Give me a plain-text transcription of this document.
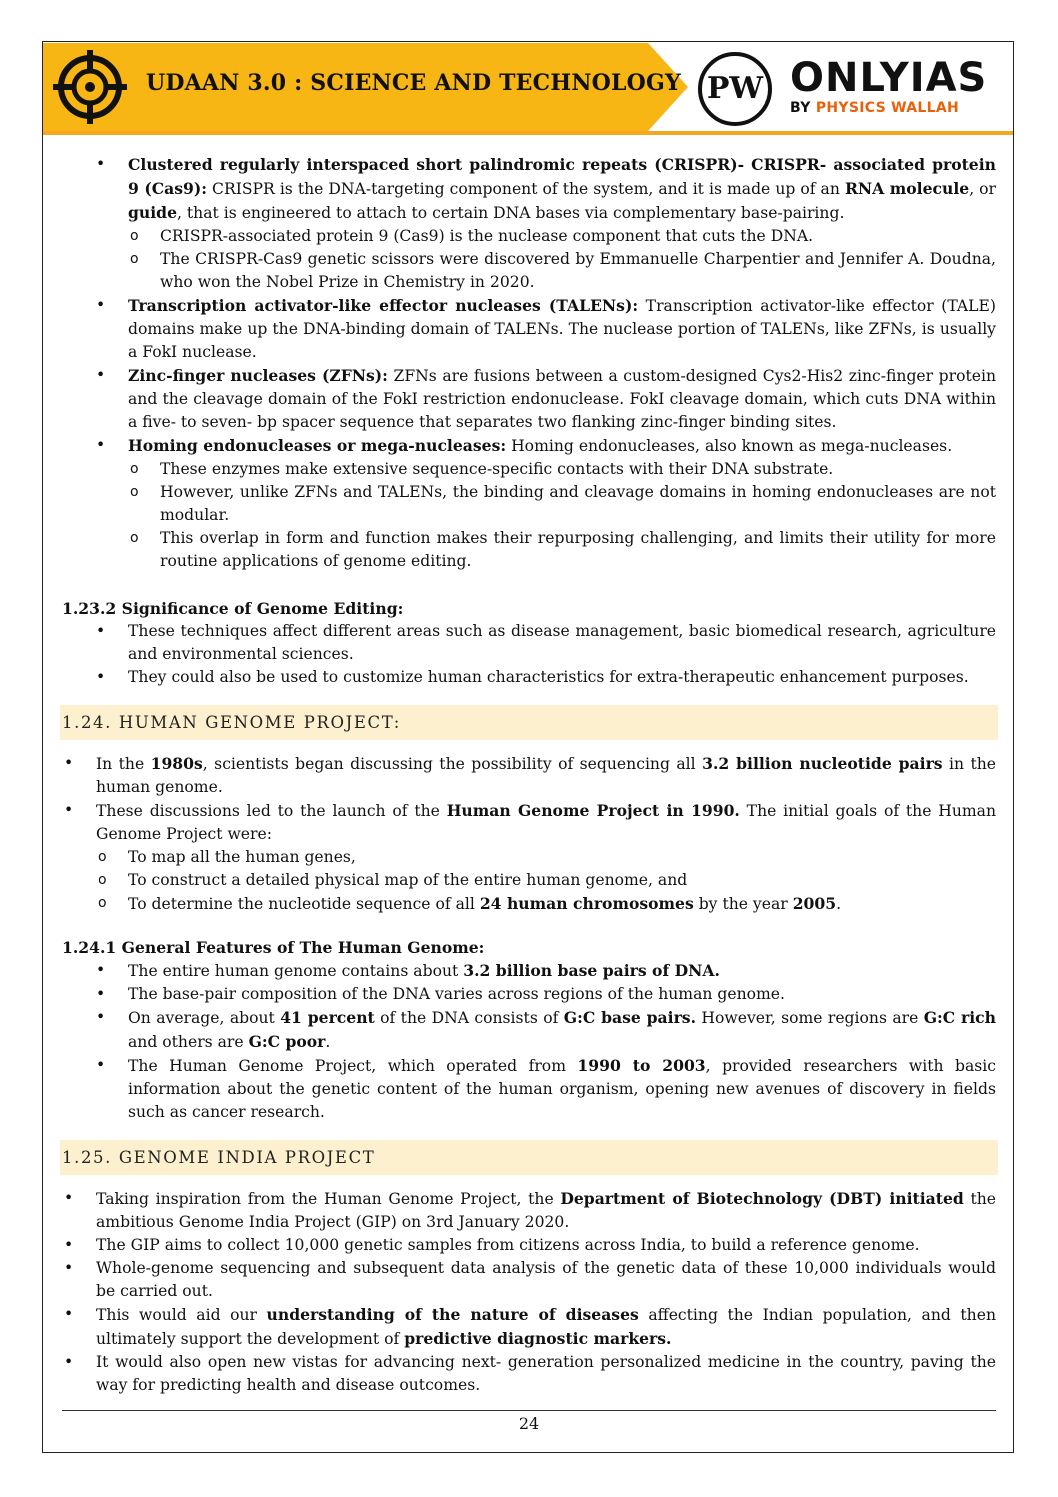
UDAAN 3.0 : SCIENCE AND TECHNOLOGY PW ONLYIAS
BY PHYSICS WALLAH
• Clustered regularly interspaced short palindromic repeats (CRISPR)- CRISPR- associated protein 9 (Cas9): CRISPR is the DNA-targeting component of the system, and it is made up of an RNA molecule, or guide, that is engineered to attach to certain DNA bases via complementary base-pairing.
o CRISPR-associated protein 9 (Cas9) is the nuclease component that cuts the DNA.
o The CRISPR-Cas9 genetic scissors were discovered by Emmanuelle Charpentier and Jennifer A. Doudna, who won the Nobel Prize in Chemistry in 2020.
• Transcription activator-like effector nucleases (TALENs): Transcription activator-like effector (TALE) domains make up the DNA-binding domain of TALENs. The nuclease portion of TALENs, like ZFNs, is usually a FokI nuclease.
• Zinc-finger nucleases (ZFNs): ZFNs are fusions between a custom-designed Cys2-His2 zinc-finger protein and the cleavage domain of the FokI restriction endonuclease. FokI cleavage domain, which cuts DNA within a five- to seven- bp spacer sequence that separates two flanking zinc-finger binding sites.
• Homing endonucleases or mega-nucleases: Homing endonucleases, also known as mega-nucleases.
o These enzymes make extensive sequence-specific contacts with their DNA substrate.
o However, unlike ZFNs and TALENs, the binding and cleavage domains in homing endonucleases are not modular.
o This overlap in form and function makes their repurposing challenging, and limits their utility for more routine applications of genome editing.
1.23.2 Significance of Genome Editing:
• These techniques affect different areas such as disease management, basic biomedical research, agriculture and environmental sciences.
• They could also be used to customize human characteristics for extra-therapeutic enhancement purposes.
1.24. HUMAN GENOME PROJECT:
• In the 1980s, scientists began discussing the possibility of sequencing all 3.2 billion nucleotide pairs in the human genome.
• These discussions led to the launch of the Human Genome Project in 1990. The initial goals of the Human Genome Project were:
o To map all the human genes,
o To construct a detailed physical map of the entire human genome, and
o To determine the nucleotide sequence of all 24 human chromosomes by the year 2005.
1.24.1 General Features of The Human Genome:
• The entire human genome contains about 3.2 billion base pairs of DNA.
• The base-pair composition of the DNA varies across regions of the human genome.
• On average, about 41 percent of the DNA consists of G:C base pairs. However, some regions are G:C rich and others are G:C poor.
• The Human Genome Project, which operated from 1990 to 2003, provided researchers with basic information about the genetic content of the human organism, opening new avenues of discovery in fields such as cancer research.
1.25. GENOME INDIA PROJECT
• Taking inspiration from the Human Genome Project, the Department of Biotechnology (DBT) initiated the ambitious Genome India Project (GIP) on 3rd January 2020.
• The GIP aims to collect 10,000 genetic samples from citizens across India, to build a reference genome.
• Whole-genome sequencing and subsequent data analysis of the genetic data of these 10,000 individuals would be carried out.
• This would aid our understanding of the nature of diseases affecting the Indian population, and then ultimately support the development of predictive diagnostic markers.
• It would also open new vistas for advancing next- generation personalized medicine in the country, paving the way for predicting health and disease outcomes.
24
